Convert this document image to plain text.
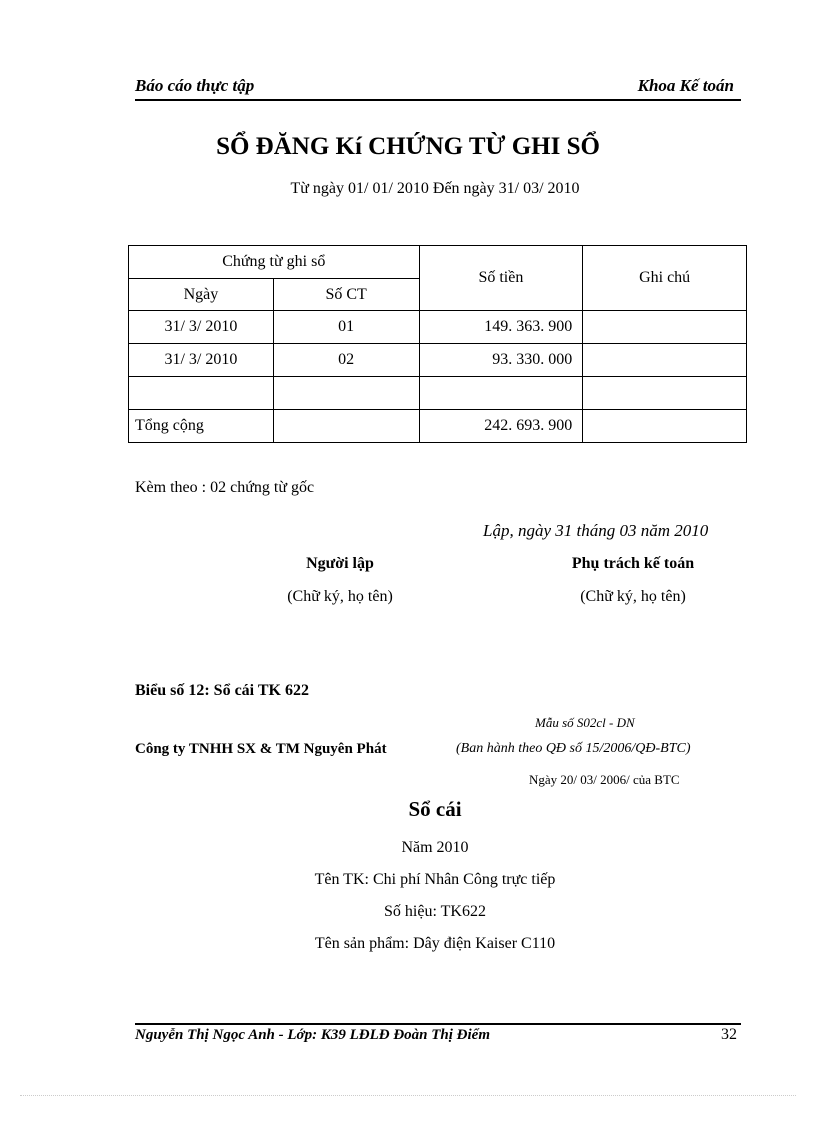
Báo cáo thực tập	Khoa Kế toán
SỔ ĐĂNG Kí CHỨNG TỪ GHI SỔ
Từ ngày 01/ 01/ 2010 Đến ngày 31/ 03/ 2010
Chứng từ ghi sổ		Số tiền	Ghi chú
Ngày	Số CT		
31/ 3/ 2010	01	149. 363. 900	
31/ 3/ 2010	02	93. 330. 000	

Tổng cộng		242. 693. 900	
Kèm theo : 02 chứng từ gốc
Lập, ngày 31 tháng 03 năm 2010
Người lập
(Chữ ký, họ tên)
Phụ trách kế toán
(Chữ ký, họ tên)
Biểu số 12: Sổ cái TK 622
Mẫu số S02cl - DN
Công ty TNHH SX & TM Nguyên Phát	(Ban hành theo QĐ số 15/2006/QĐ-BTC)
Ngày 20/ 03/ 2006/ của BTC
Sổ cái
Năm 2010
Tên TK: Chi phí Nhân Công trực tiếp
Số hiệu: TK622
Tên sản phẩm: Dây điện Kaiser C110
Nguyễn Thị Ngọc Anh - Lớp: K39 LĐLĐ Đoàn Thị Điểm	32
